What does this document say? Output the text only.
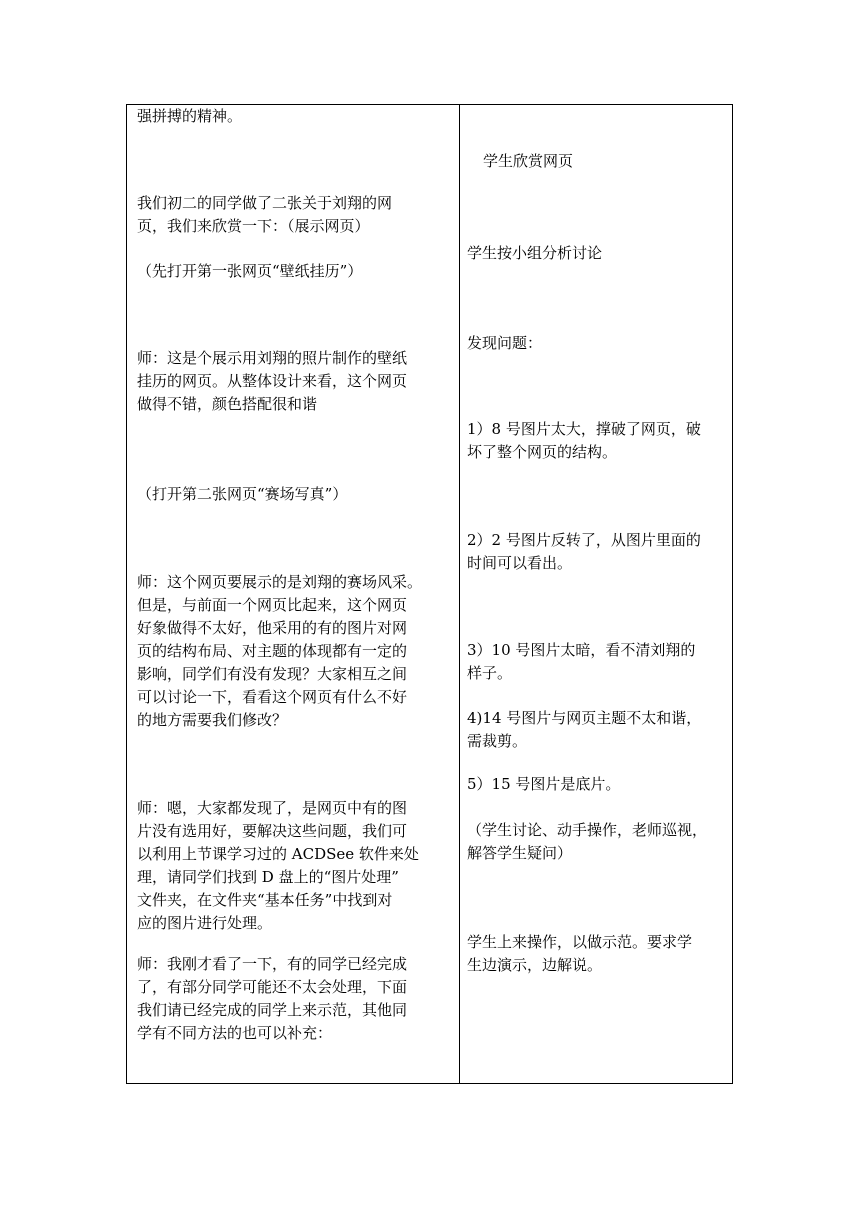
强拼搏的精神。

我们初二的同学做了二张关于刘翔的网
页，我们来欣赏一下：（展示网页）

（先打开第一张网页“壁纸挂历”）

师：这是个展示用刘翔的照片制作的壁纸
挂历的网页。从整体设计来看，这个网页
做得不错，颜色搭配很和谐

（打开第二张网页“赛场写真”）

师：这个网页要展示的是刘翔的赛场风采。
但是，与前面一个网页比起来，这个网页
好象做得不太好，他采用的有的图片对网
页的结构布局、对主题的体现都有一定的
影响，同学们有没有发现？大家相互之间
可以讨论一下，看看这个网页有什么不好
的地方需要我们修改？

师：嗯，大家都发现了，是网页中有的图
片没有选用好，要解决这些问题，我们可
以利用上节课学习过的 ACDSee 软件来处
理，请同学们找到 D 盘上的“图片处理”
文件夹，在文件夹“基本任务”中找到对
应的图片进行处理。

师：我刚才看了一下，有的同学已经完成
了，有部分同学可能还不太会处理，下面
我们请已经完成的同学上来示范，其他同
学有不同方法的也可以补充：

学生欣赏网页

学生按小组分析讨论

发现问题：

1）8 号图片太大，撑破了网页，破
坏了整个网页的结构。

2）2 号图片反转了，从图片里面的
时间可以看出。

3）10 号图片太暗，看不清刘翔的
样子。

4)14 号图片与网页主题不太和谐，
需裁剪。

5）15 号图片是底片。

（学生讨论、动手操作，老师巡视，
解答学生疑问）

学生上来操作，以做示范。要求学
生边演示，边解说。
